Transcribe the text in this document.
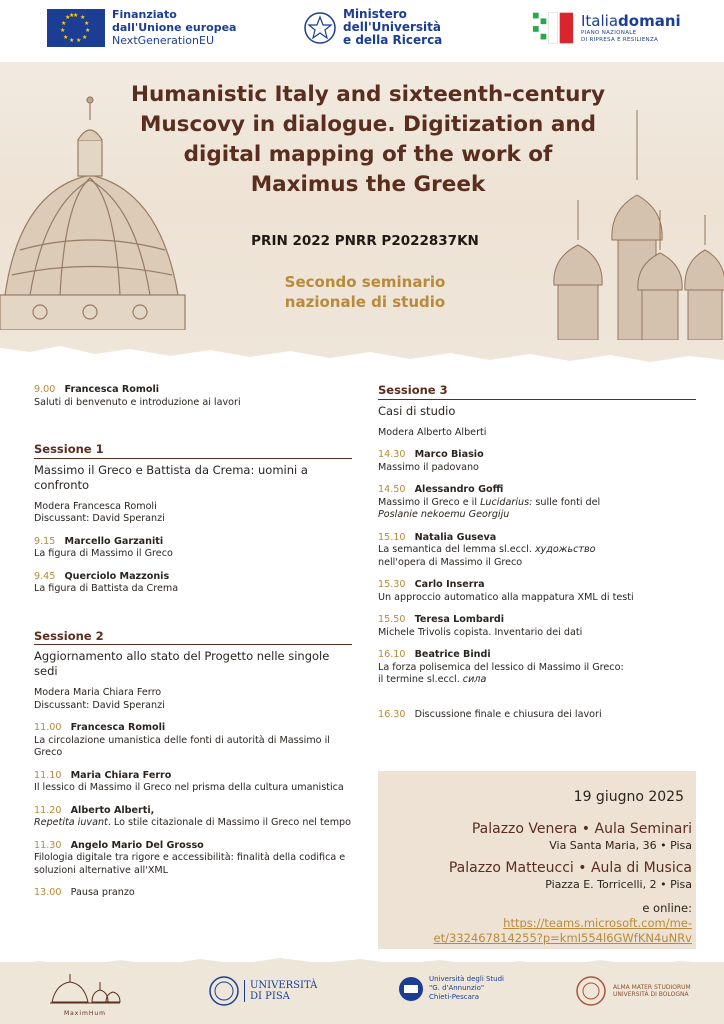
★ ★
★
★
★
★
★
★
★
★
★
★	Finanziato
dall'Unione europea
NextGenerationEU
Ministero
dell'Università
e della Ricerca
Italiadomani
PIANO NAZIONALE
DI RIPRESA E RESILIENZA
Humanistic Italy and sixteenth-century
Muscovy in dialogue. Digitization and
digital mapping of the work of
Maximus the Greek
PRIN 2022 PNRR P2022837KN
Secondo seminario
nazionale di studio
9.00 Francesca Romoli
Saluti di benvenuto e introduzione ai lavori
Sessione 1
Massimo il Greco e Battista da Crema: uomini a confronto
Modera Francesca Romoli
Discussant: David Speranzi
9.15 Marcello Garzaniti
La figura di Massimo il Greco
9.45 Querciolo Mazzonis
La figura di Battista da Crema
Sessione 2
Aggiornamento allo stato del Progetto nelle singole sedi
Modera Maria Chiara Ferro
Discussant: David Speranzi
11.00 Francesca Romoli
La circolazione umanistica delle fonti di autorità di Massimo il Greco
11.10 Maria Chiara Ferro
Il lessico di Massimo il Greco nel prisma della cultura umanistica
11.20 Alberto Alberti,
Repetita iuvant. Lo stile citazionale di Massimo il Greco nel tempo
11.30 Angelo Mario Del Grosso
Filologia digitale tra rigore e accessibilità: finalità della codifica e soluzioni alternative all'XML
13.00 Pausa pranzo
Sessione 3
Casi di studio
Modera Alberto Alberti
14.30 Marco Biasio
Massimo il padovano
14.50 Alessandro Goffi
Massimo il Greco e il Lucidarius: sulle fonti del
Poslanie nekoemu Georgiju
15.10 Natalia Guseva
La semantica del lemma sl.eccl. художьство
nell'opera di Massimo il Greco
15.30 Carlo Inserra
Un approccio automatico alla mappatura XML di testi
15.50 Teresa Lombardi
Michele Trivolis copista. Inventario dei dati
16.10 Beatrice Bindi
La forza polisemica del lessico di Massimo il Greco:
il termine sl.eccl. сила
16.30 Discussione finale e chiusura dei lavori
19 giugno 2025
Palazzo Venera • Aula Seminari
Via Santa Maria, 36 • Pisa
Palazzo Matteucci • Aula di Musica
Piazza E. Torricelli, 2 • Pisa
e online:
https://teams.microsoft.com/me-
et/332467814255?p=kmI554l6GWfKN4uNRv
MaximHum
UNIVERSITÀ
DI PISA
Università degli Studi
"G. d'Annunzio"
Chieti-Pescara
ALMA MATER STUDIORUM
UNIVERSITÀ DI BOLOGNA
